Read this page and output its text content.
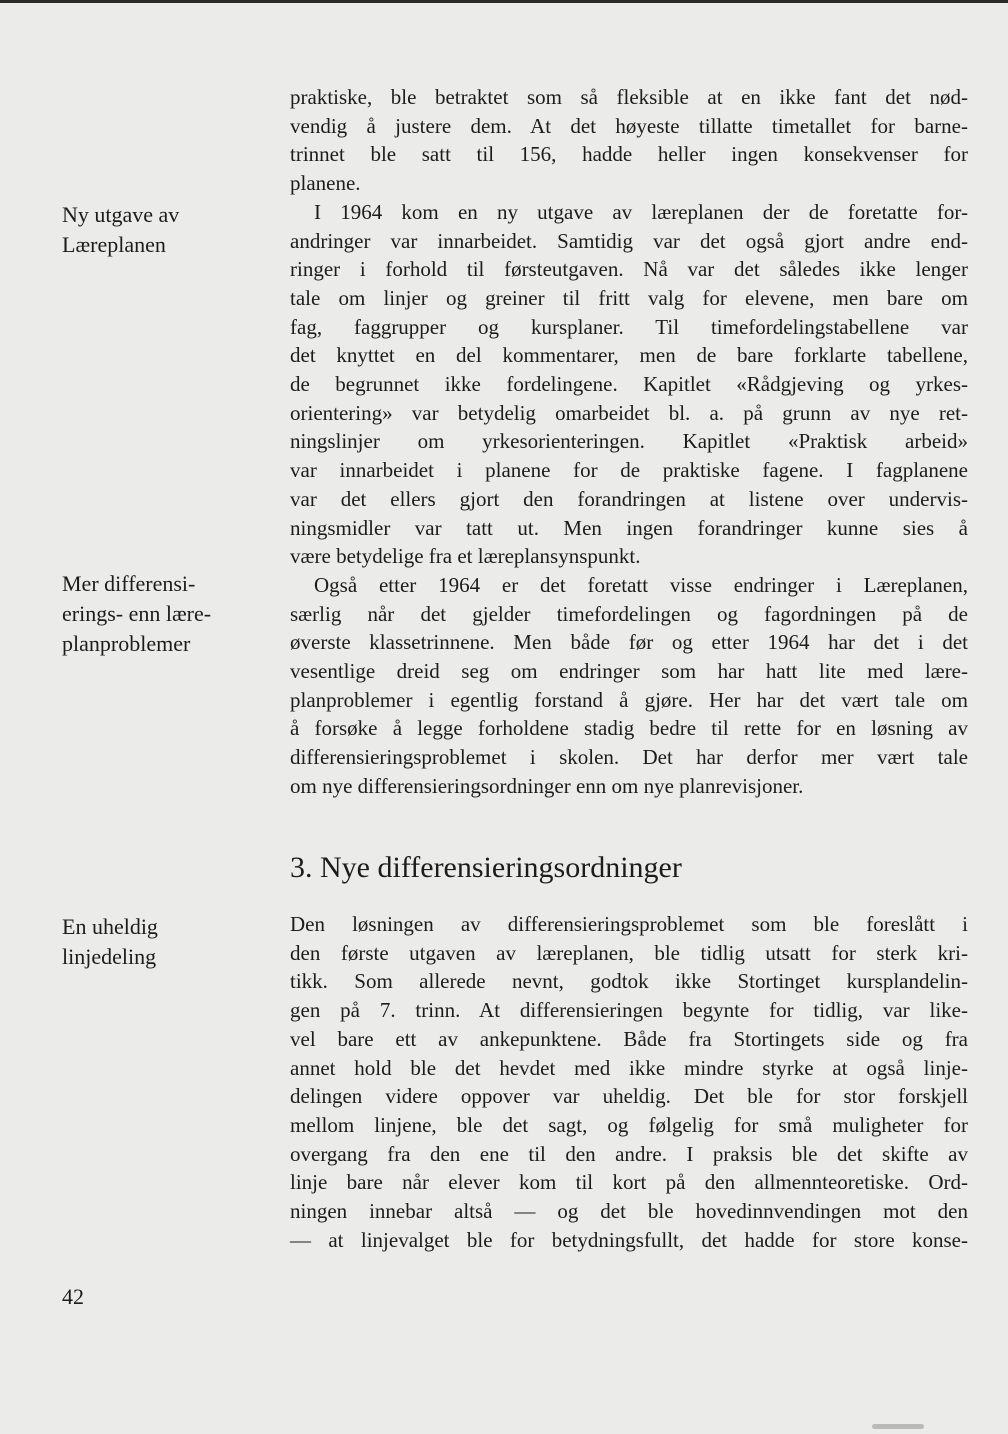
Ny utgave av
Læreplanen
Mer differensi-
erings- enn lære-
planproblemer
En uheldig
linjedeling
praktiske, ble betraktet som så fleksible at en ikke fant det nød-
vendig å justere dem. At det høyeste tillatte timetallet for barne-
trinnet ble satt til 156, hadde heller ingen konsekvenser for
planene.
I 1964 kom en ny utgave av læreplanen der de foretatte for-
andringer var innarbeidet. Samtidig var det også gjort andre end-
ringer i forhold til førsteutgaven. Nå var det således ikke lenger
tale om linjer og greiner til fritt valg for elevene, men bare om
fag, faggrupper og kursplaner. Til timefordelingstabellene var
det knyttet en del kommentarer, men de bare forklarte tabellene,
de begrunnet ikke fordelingene. Kapitlet «Rådgjeving og yrkes-
orientering» var betydelig omarbeidet bl. a. på grunn av nye ret-
ningslinjer om yrkesorienteringen. Kapitlet «Praktisk arbeid»
var innarbeidet i planene for de praktiske fagene. I fagplanene
var det ellers gjort den forandringen at listene over undervis-
ningsmidler var tatt ut. Men ingen forandringer kunne sies å
være betydelige fra et læreplansynspunkt.
Også etter 1964 er det foretatt visse endringer i Læreplanen,
særlig når det gjelder timefordelingen og fagordningen på de
øverste klassetrinnene. Men både før og etter 1964 har det i det
vesentlige dreid seg om endringer som har hatt lite med lære-
planproblemer i egentlig forstand å gjøre. Her har det vært tale om
å forsøke å legge forholdene stadig bedre til rette for en løsning av
differensieringsproblemet i skolen. Det har derfor mer vært tale
om nye differensieringsordninger enn om nye planrevisjoner.
3. Nye differensieringsordninger
Den løsningen av differensieringsproblemet som ble foreslått i
den første utgaven av læreplanen, ble tidlig utsatt for sterk kri-
tikk. Som allerede nevnt, godtok ikke Stortinget kursplandelin-
gen på 7. trinn. At differensieringen begynte for tidlig, var like-
vel bare ett av ankepunktene. Både fra Stortingets side og fra
annet hold ble det hevdet med ikke mindre styrke at også linje-
delingen videre oppover var uheldig. Det ble for stor forskjell
mellom linjene, ble det sagt, og følgelig for små muligheter for
overgang fra den ene til den andre. I praksis ble det skifte av
linje bare når elever kom til kort på den allmennteoretiske. Ord-
ningen innebar altså — og det ble hovedinnvendingen mot den
— at linjevalget ble for betydningsfullt, det hadde for store konse-
42
